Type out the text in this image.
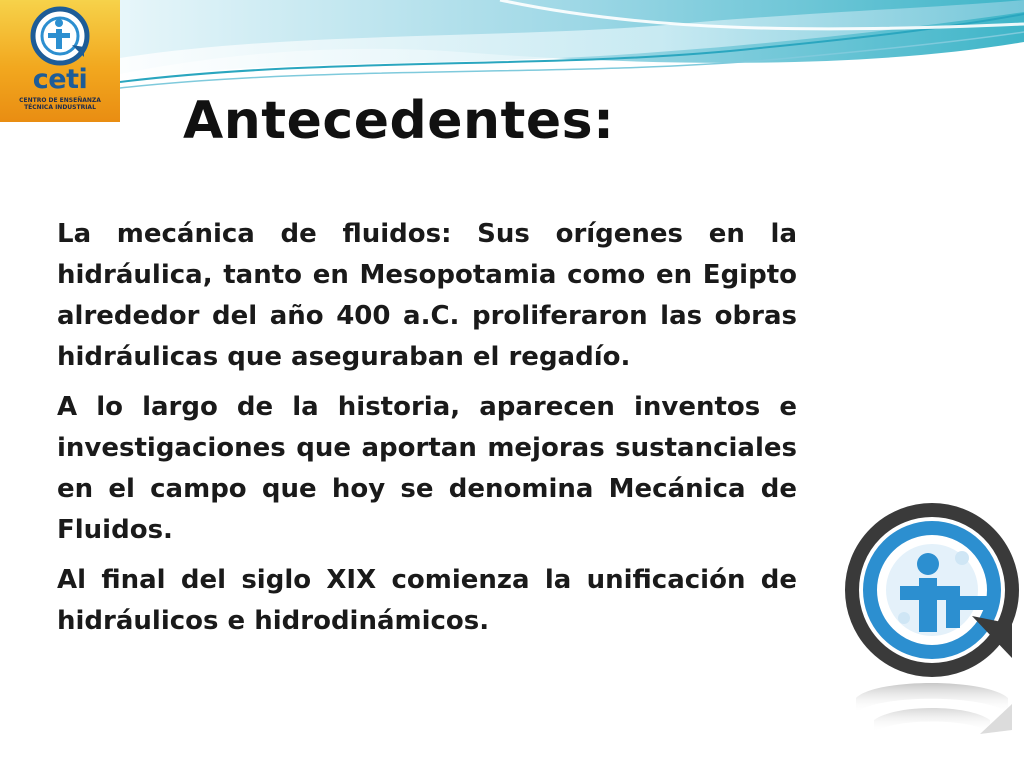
ceti
CENTRO DE ENSEÑANZA
TÉCNICA INDUSTRIAL	Antecedentes:

La mecánica de fluidos: Sus orígenes en la hidráulica, tanto en Mesopotamia como en Egipto alrededor del año 400 a.C. proliferaron las obras hidráulicas que aseguraban el regadío.

A lo largo de la historia, aparecen inventos e investigaciones que aportan mejoras sustanciales en el campo que hoy se denomina Mecánica de Fluidos.

Al final del siglo XIX comienza la unificación de hidráulicos e hidrodinámicos.
